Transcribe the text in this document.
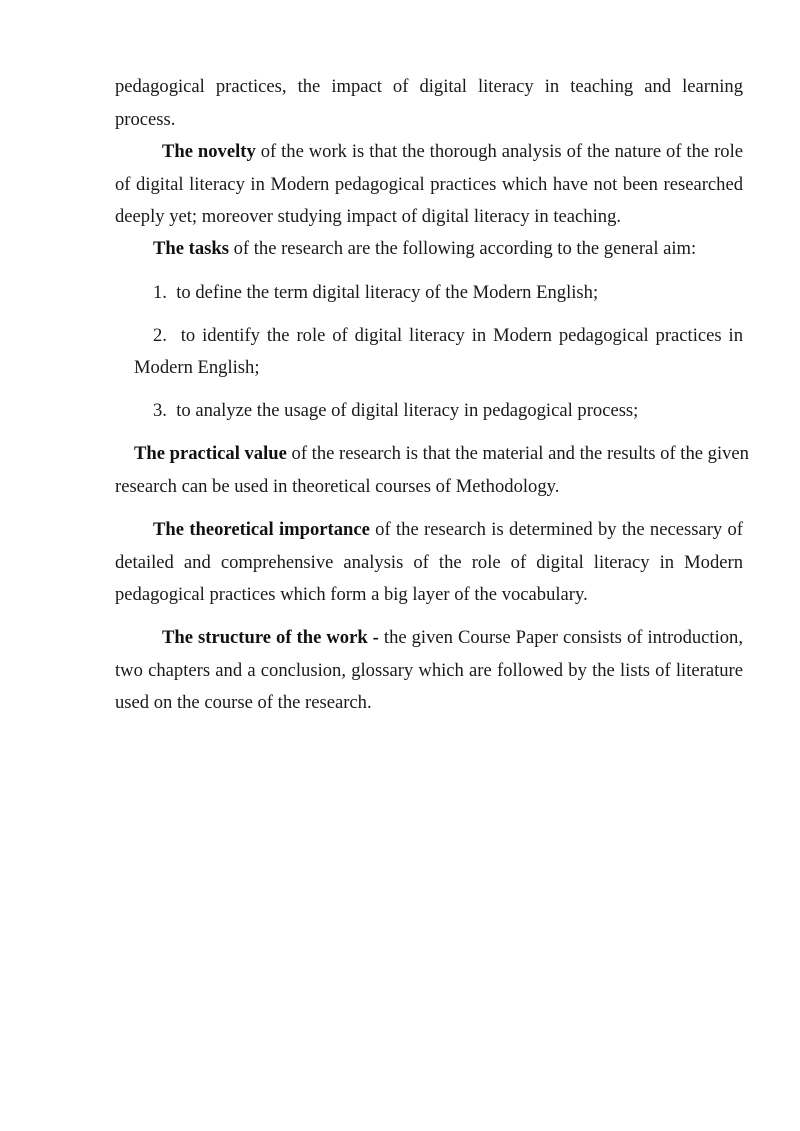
pedagogical practices, the impact of digital literacy in teaching and learning
process.
The novelty of the work is that the thorough analysis of the nature of the role
of digital literacy in Modern pedagogical practices which have not been researched
deeply yet; moreover studying impact of digital literacy in teaching.
The tasks of the research are the following according to the general aim:
1. to define the term digital literacy of the Modern English;
2. to identify the role of digital literacy in Modern pedagogical practices in
Modern English;
3. to analyze the usage of digital literacy in pedagogical process;
The practical value of the research is that the material and the results of the given
research can be used in theoretical courses of Methodology.
The theoretical importance of the research is determined by the necessary of
detailed and comprehensive analysis of the role of digital literacy in Modern
pedagogical practices which form a big layer of the vocabulary.
The structure of the work - the given Course Paper consists of introduction,
two chapters and a conclusion, glossary which are followed by the lists of literature
used on the course of the research.
